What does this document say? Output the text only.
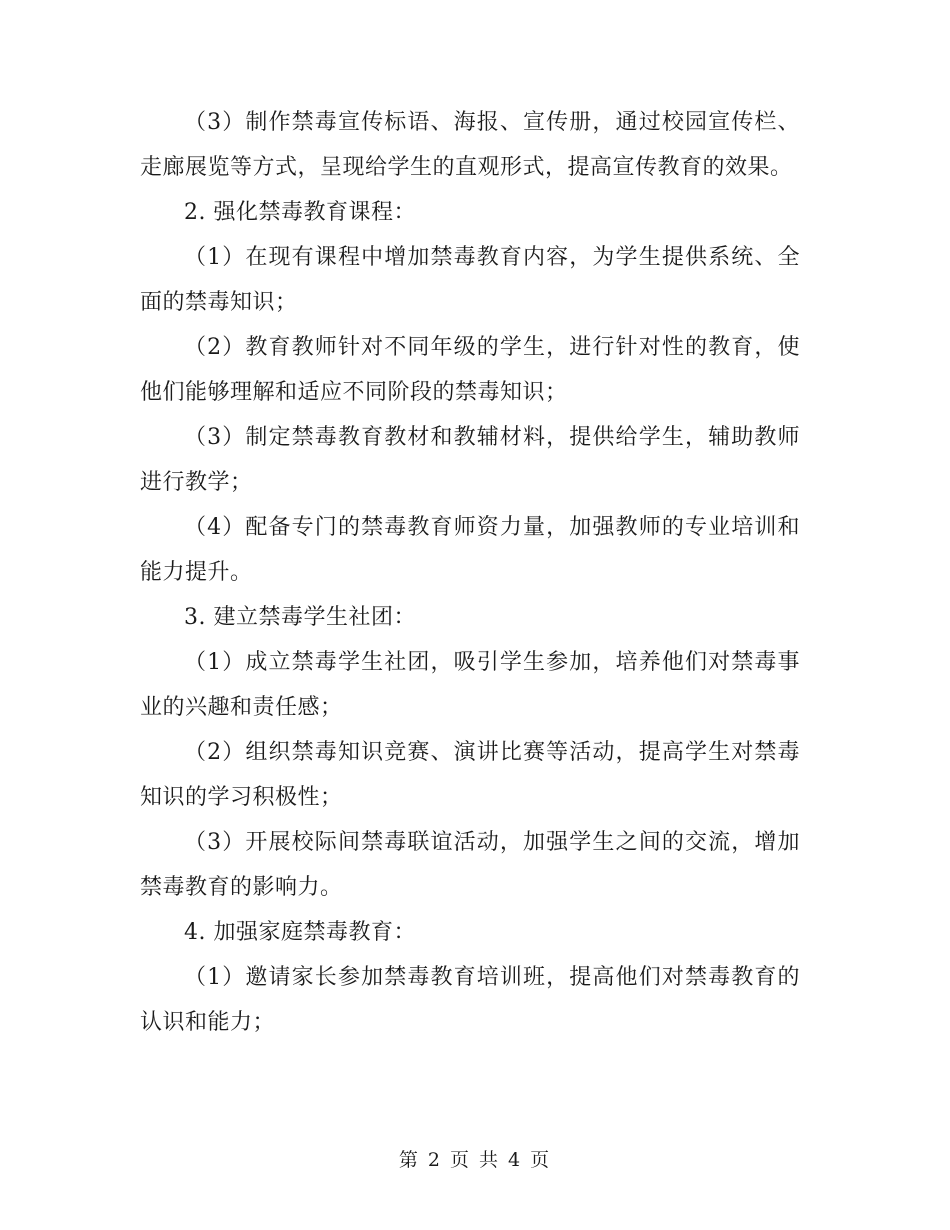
（3）制作禁毒宣传标语、海报、宣传册，通过校园宣传栏、走廊展览等方式，呈现给学生的直观形式，提高宣传教育的效果。

2. 强化禁毒教育课程：

（1）在现有课程中增加禁毒教育内容，为学生提供系统、全面的禁毒知识；

（2）教育教师针对不同年级的学生，进行针对性的教育，使他们能够理解和适应不同阶段的禁毒知识；

（3）制定禁毒教育教材和教辅材料，提供给学生，辅助教师进行教学；

（4）配备专门的禁毒教育师资力量，加强教师的专业培训和能力提升。

3. 建立禁毒学生社团：

（1）成立禁毒学生社团，吸引学生参加，培养他们对禁毒事业的兴趣和责任感；

（2）组织禁毒知识竞赛、演讲比赛等活动，提高学生对禁毒知识的学习积极性；

（3）开展校际间禁毒联谊活动，加强学生之间的交流，增加禁毒教育的影响力。

4. 加强家庭禁毒教育：

（1）邀请家长参加禁毒教育培训班，提高他们对禁毒教育的认识和能力；

第 2 页 共 4 页
